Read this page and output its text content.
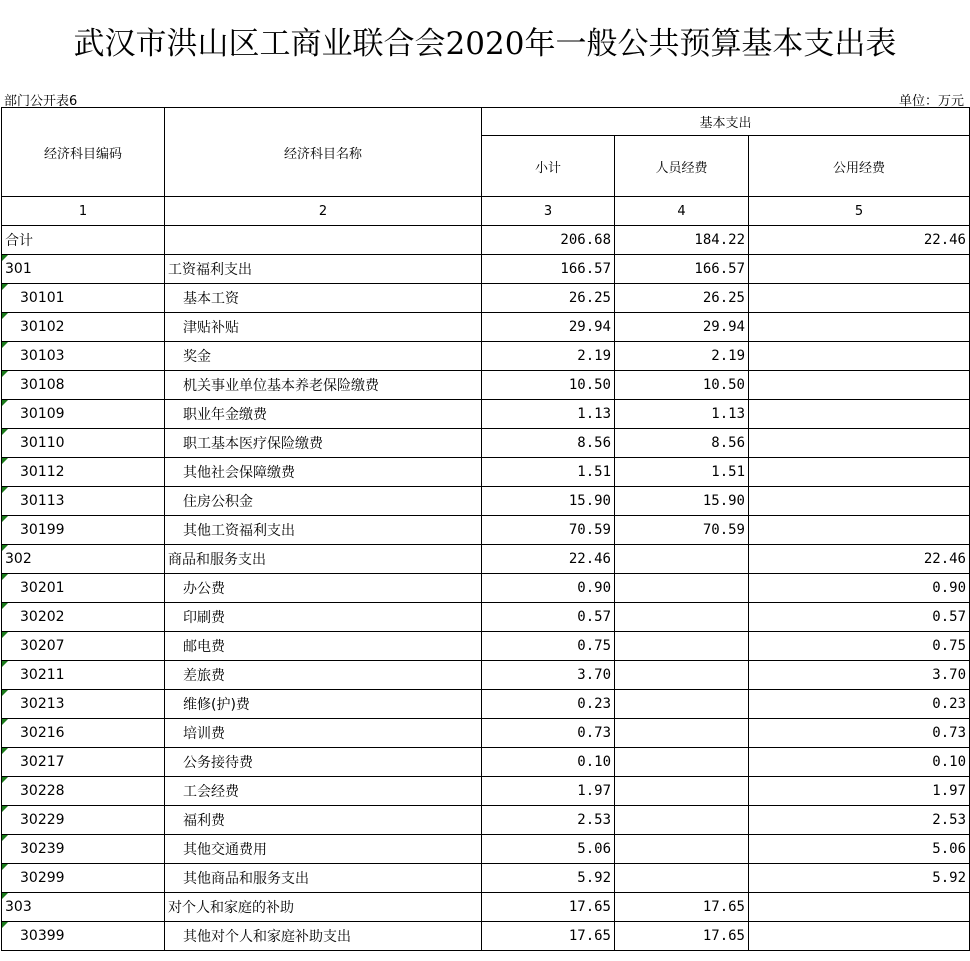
武汉市洪山区工商业联合会2020年一般公共预算基本支出表
部门公开表6	单位：万元
经济科目编码	经济科目名称	基本支出		
		小计	人员经费	公用经费
1	2	3	4	5
合计		206.68	184.22	22.46
301	工资福利支出	166.57	166.57	
30101	基本工资	26.25	26.25	
30102	津贴补贴	29.94	29.94	
30103	奖金	2.19	2.19	
30108	机关事业单位基本养老保险缴费	10.50	10.50	
30109	职业年金缴费	1.13	1.13	
30110	职工基本医疗保险缴费	8.56	8.56	
30112	其他社会保障缴费	1.51	1.51	
30113	住房公积金	15.90	15.90	
30199	其他工资福利支出	70.59	70.59	
302	商品和服务支出	22.46		22.46
30201	办公费	0.90		0.90
30202	印刷费	0.57		0.57
30207	邮电费	0.75		0.75
30211	差旅费	3.70		3.70
30213	维修(护)费	0.23		0.23
30216	培训费	0.73		0.73
30217	公务接待费	0.10		0.10
30228	工会经费	1.97		1.97
30229	福利费	2.53		2.53
30239	其他交通费用	5.06		5.06
30299	其他商品和服务支出	5.92		5.92
303	对个人和家庭的补助	17.65	17.65	
30399	其他对个人和家庭补助支出	17.65	17.65	
